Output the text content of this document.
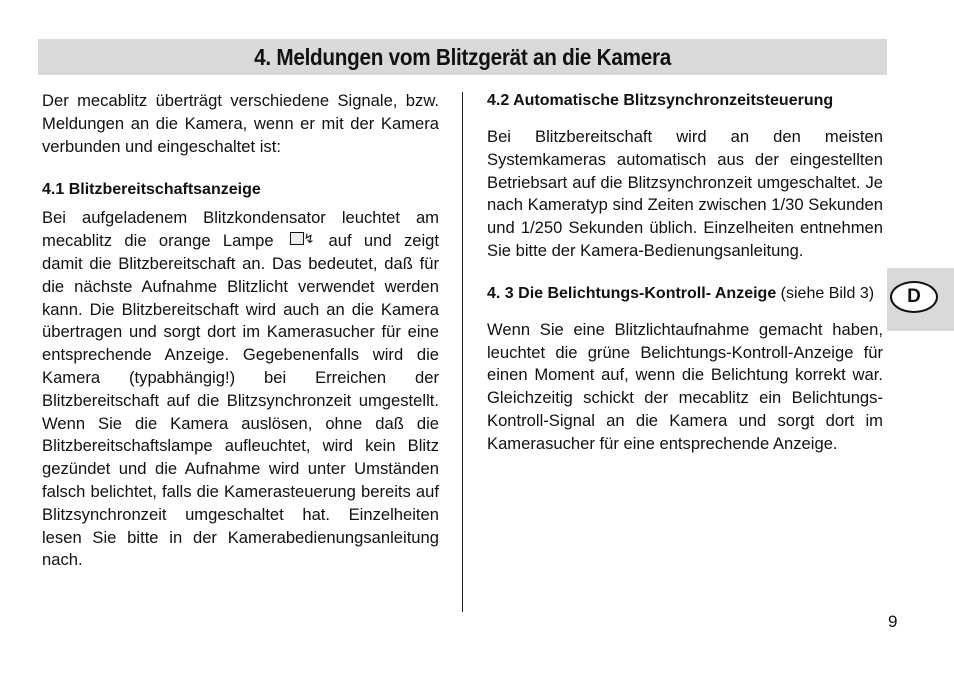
4. Meldungen vom Blitzgerät an die Kamera

Der mecablitz überträgt verschiedene Signale, bzw. Meldungen an die Kamera, wenn er mit der Kamera verbunden und eingeschaltet ist:

4.1 Blitzbereitschaftsanzeige

Bei aufgeladenem Blitzkondensator leuchtet am mecablitz die orange Lampe ↯ auf und zeigt damit die Blitzbereitschaft an. Das bedeutet, daß für die nächste Aufnahme Blitzlicht verwendet werden kann. Die Blitzbereitschaft wird auch an die Kamera übertragen und sorgt dort im Kamerasucher für eine entsprechende Anzeige. Gegebenenfalls wird die Kamera (typabhängig!) bei Erreichen der Blitzbereitschaft auf die Blitzsynchronzeit umgestellt. Wenn Sie die Kamera auslösen, ohne daß die Blitzbereitschaftslampe aufleuchtet, wird kein Blitz gezündet und die Aufnahme wird unter Umständen falsch belichtet, falls die Kamerasteuerung bereits auf Blitzsynchronzeit umgeschaltet hat. Einzelheiten lesen Sie bitte in der Kamerabedienungsanleitung nach.

4.2 Automatische Blitzsynchronzeitsteuerung

Bei Blitzbereitschaft wird an den meisten Systemkameras automatisch aus der eingestellten Betriebsart auf die Blitzsynchronzeit umgeschaltet. Je nach Kameratyp sind Zeiten zwischen 1/30 Sekunden und 1/250 Sekunden üblich. Einzelheiten entnehmen Sie bitte der Kamera-Bedienungsanleitung.

4. 3 Die Belichtungs-Kontroll- Anzeige (siehe Bild 3)

Wenn Sie eine Blitzlichtaufnahme gemacht haben, leuchtet die grüne Belichtungs-Kontroll-Anzeige für einen Moment auf, wenn die Belichtung korrekt war. Gleichzeitig schickt der mecablitz ein Belichtungs-Kontroll-Signal an die Kamera und sorgt dort im Kamerasucher für eine entsprechende Anzeige.

D
9
